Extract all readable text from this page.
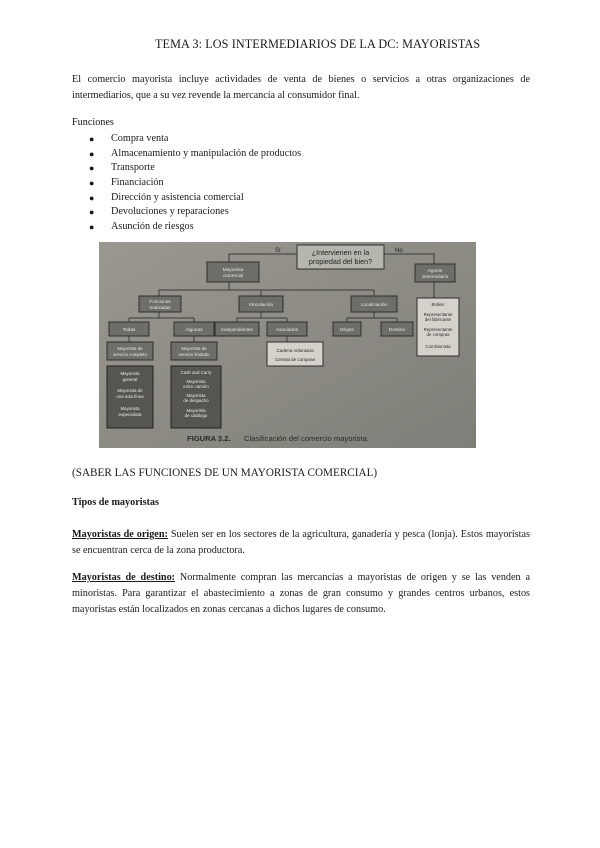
TEMA 3: LOS INTERMEDIARIOS DE LA DC: MAYORISTAS
El comercio mayorista incluye actividades de venta de bienes o servicios a otras organizaciones de intermediarios, que a su vez revende la mercancía al consumidor final.
Funciones
● Compra venta
● Almacenamiento y manipulación de productos
● Transporte
● Financiación
● Dirección y asistencia comercial
● Devoluciones y reparaciones
● Asunción de riesgos
¿Intervienen en la
propiedad del bien?
Sí	No
Mayorista
comercial
Agente
intermediario
Funciones
realizadas	Vinculación	Localización
Todas	Algunas	Independientes	Asociados	Origen	Destino
Mayorista de
servicio completo
Mayorista de
servicio limitado
Cadena voluntaria
Central de compras
Bróker
Representante
del fabricante
Representante
de compras
Comisionista
Mayorista
general
Mayorista de
una sola línea
Mayorista
especialista
Cash and Carry
Mayorista
entre camión
Mayorista
de despacho
Mayorista
de catálogo
FIGURA 3.2. Clasificación del comercio mayorista.
(SABER LAS FUNCIONES DE UN MAYORISTA COMERCIAL)
Tipos de mayoristas
Mayoristas de origen: Suelen ser en los sectores de la agricultura, ganadería y pesca (lonja). Estos mayoristas se encuentran cerca de la zona productora.
Mayoristas de destino: Normalmente compran las mercancías a mayoristas de origen y se las venden a minoristas. Para garantizar el abastecimiento a zonas de gran consumo y grandes centros urbanos, estos mayoristas están localizados en zonas cercanas a dichos lugares de consumo.
